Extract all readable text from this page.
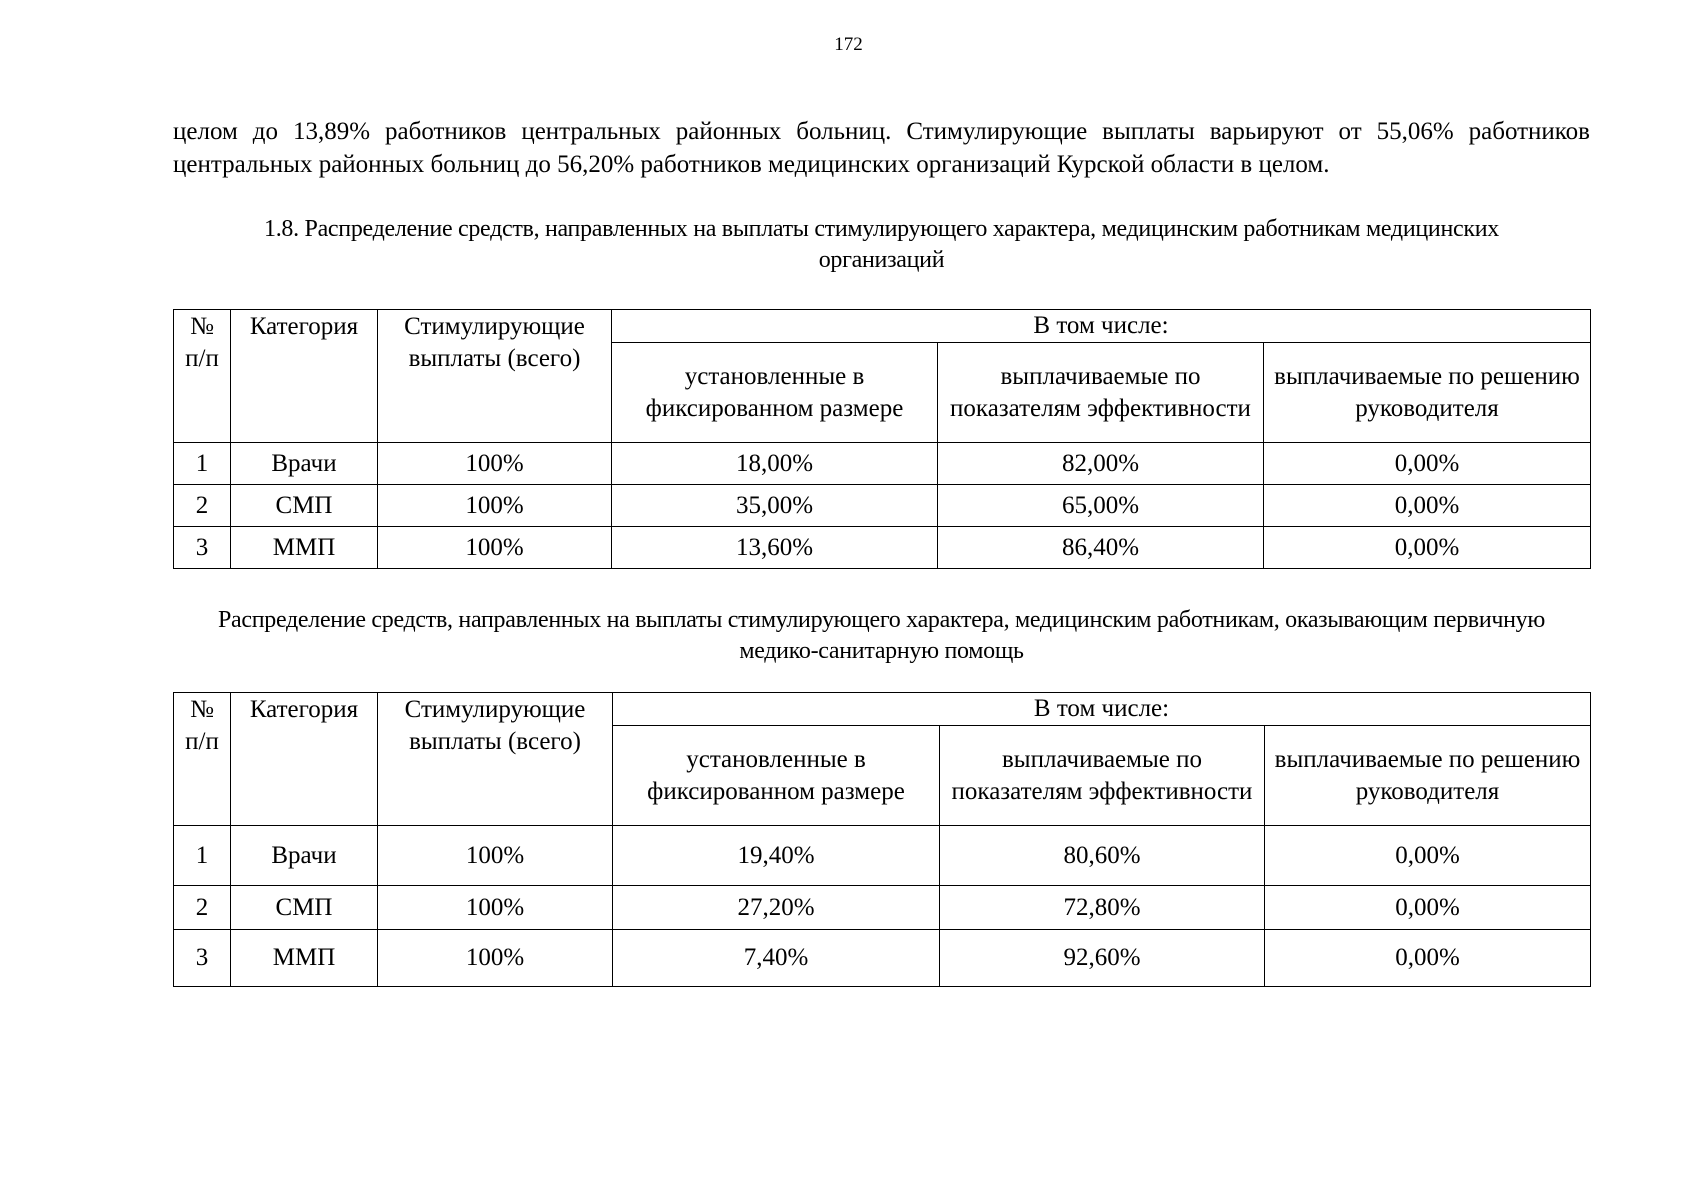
172
целом до 13,89% работников центральных районных больниц. Стимулирующие выплаты варьируют от 55,06% работников центральных районных больниц до 56,20% работников медицинских организаций Курской области в целом.
1.8. Распределение средств, направленных на выплаты стимулирующего характера, медицинским работникам медицинских
организаций
№ п/п	Категория	Стимулирующие выплаты (всего)	В том числе:		
			установленные в фиксированном размере	выплачиваемые по показателям эффективности	выплачиваемые по решению руководителя
1	Врачи	100%	18,00%	82,00%	0,00%
2	СМП	100%	35,00%	65,00%	0,00%
3	ММП	100%	13,60%	86,40%	0,00%
Распределение средств, направленных на выплаты стимулирующего характера, медицинским работникам, оказывающим первичную
медико-санитарную помощь
№ п/п	Категория	Стимулирующие выплаты (всего)	В том числе:		
			установленные в фиксированном размере	выплачиваемые по показателям эффективности	выплачиваемые по решению руководителя
1	Врачи	100%	19,40%	80,60%	0,00%
2	СМП	100%	27,20%	72,80%	0,00%
3	ММП	100%	7,40%	92,60%	0,00%
